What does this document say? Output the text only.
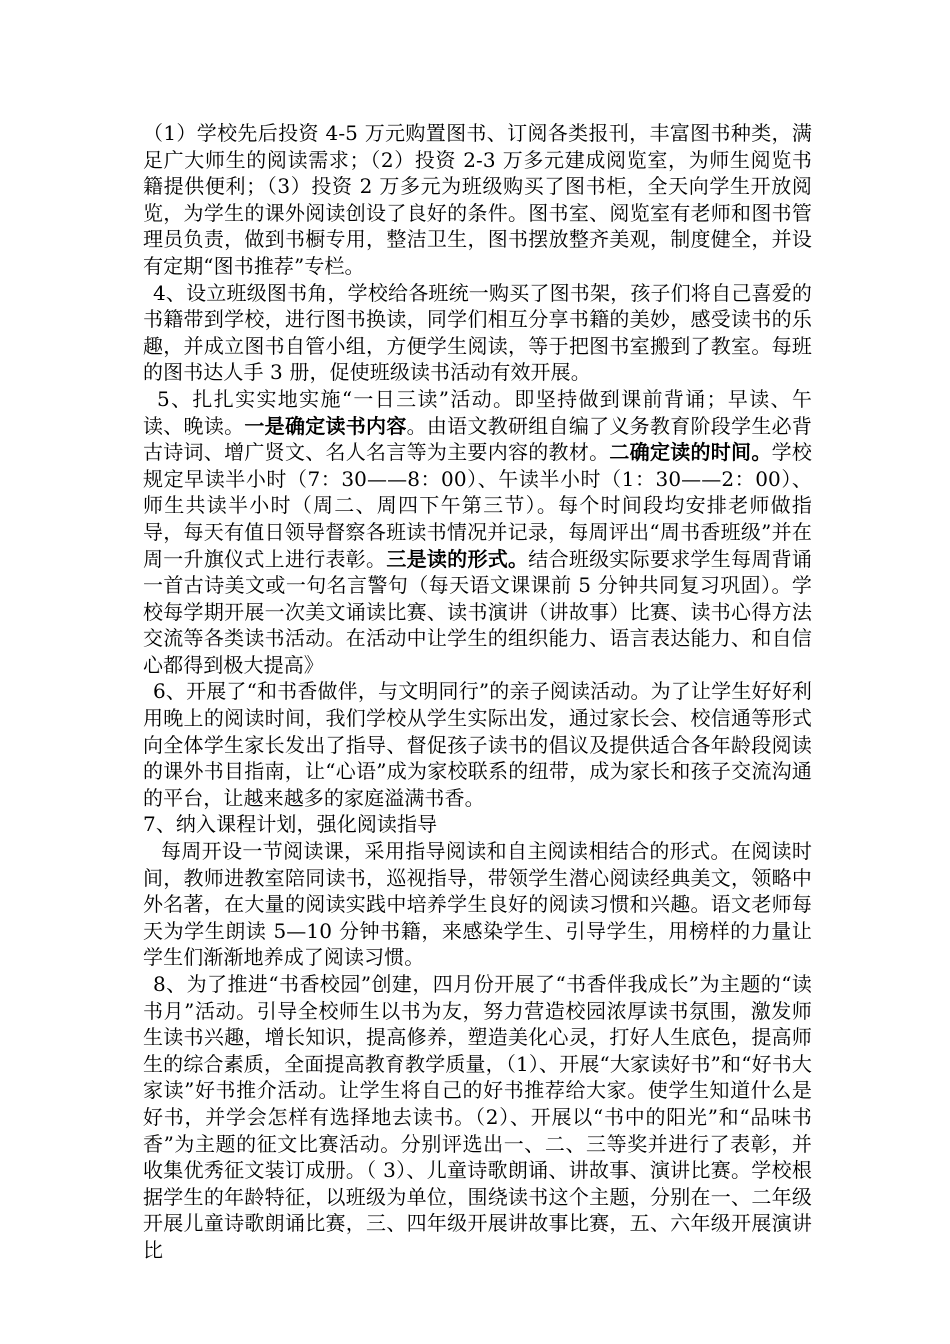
（1）学校先后投资 4-5 万元购置图书、订阅各类报刊，丰富图书种类，满足广大师生的阅读需求；（2）投资 2-3 万多元建成阅览室，为师生阅览书籍提供便利；（3）投资 2 万多元为班级购买了图书柜，全天向学生开放阅览，为学生的课外阅读创设了良好的条件。图书室、阅览室有老师和图书管理员负责，做到书橱专用，整洁卫生，图书摆放整齐美观，制度健全，并设有定期“图书推荐”专栏。

4、设立班级图书角，学校给各班统一购买了图书架，孩子们将自己喜爱的书籍带到学校，进行图书换读，同学们相互分享书籍的美妙，感受读书的乐趣，并成立图书自管小组，方便学生阅读，等于把图书室搬到了教室。每班的图书达人手 3 册，促使班级读书活动有效开展。

5、扎扎实实地实施“一日三读”活动。即坚持做到课前背诵；早读、午读、晚读。一是确定读书内容。由语文教研组自编了义务教育阶段学生必背古诗词、增广贤文、名人名言等为主要内容的教材。二确定读的时间。学校规定早读半小时（7：30——8：00）、午读半小时（1：30——2：00）、师生共读半小时（周二、周四下午第三节）。每个时间段均安排老师做指导，每天有值日领导督察各班读书情况并记录，每周评出“周书香班级”并在周一升旗仪式上进行表彰。三是读的形式。结合班级实际要求学生每周背诵一首古诗美文或一句名言警句（每天语文课课前 5 分钟共同复习巩固）。学校每学期开展一次美文诵读比赛、读书演讲（讲故事）比赛、读书心得方法交流等各类读书活动。在活动中让学生的组织能力、语言表达能力、和自信心都得到极大提高》

6、开展了“和书香做伴，与文明同行”的亲子阅读活动。为了让学生好好利用晚上的阅读时间，我们学校从学生实际出发，通过家长会、校信通等形式向全体学生家长发出了指导、督促孩子读书的倡议及提供适合各年龄段阅读的课外书目指南，让“心语”成为家校联系的纽带，成为家长和孩子交流沟通的平台，让越来越多的家庭溢满书香。

7、纳入课程计划，强化阅读指导

每周开设一节阅读课，采用指导阅读和自主阅读相结合的形式。在阅读时间，教师进教室陪同读书，巡视指导，带领学生潜心阅读经典美文，领略中外名著，在大量的阅读实践中培养学生良好的阅读习惯和兴趣。语文老师每天为学生朗读 5—10 分钟书籍，来感染学生、引导学生，用榜样的力量让学生们渐渐地养成了阅读习惯。

8、为了推进“书香校园”创建，四月份开展了“书香伴我成长”为主题的“读书月”活动。引导全校师生以书为友，努力营造校园浓厚读书氛围，激发师生读书兴趣，增长知识，提高修养，塑造美化心灵，打好人生底色，提高师生的综合素质，全面提高教育教学质量，（1）、开展“大家读好书”和“好书大家读”好书推介活动。让学生将自己的好书推荐给大家。使学生知道什么是好书，并学会怎样有选择地去读书。（2）、开展以“书中的阳光”和“品味书香”为主题的征文比赛活动。分别评选出一、二、三等奖并进行了表彰，并收集优秀征文装订成册。（ 3）、儿童诗歌朗诵、讲故事、演讲比赛。学校根据学生的年龄特征，以班级为单位，围绕读书这个主题，分别在一、二年级开展儿童诗歌朗诵比赛，三、四年级开展讲故事比赛，五、六年级开展演讲比
